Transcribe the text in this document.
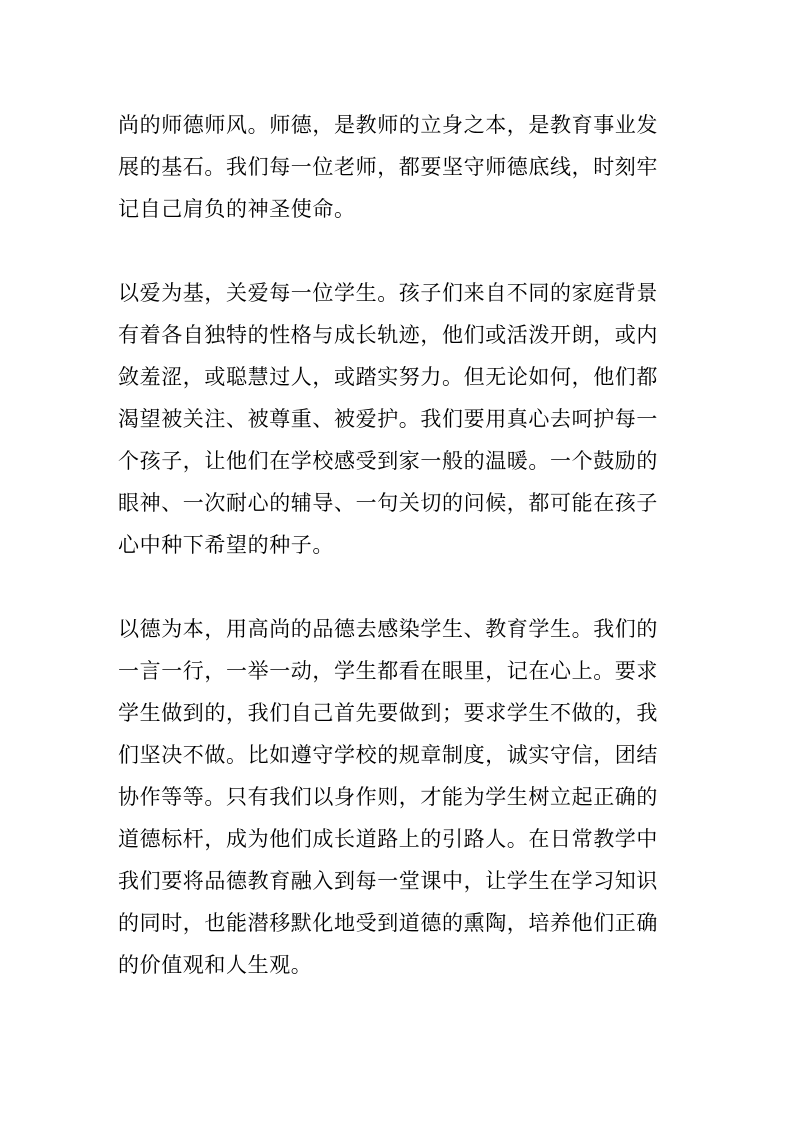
尚的师德师风。师德，是教师的立身之本，是教育事业发
展的基石。我们每一位老师，都要坚守师德底线，时刻牢
记自己肩负的神圣使命。

以爱为基，关爱每一位学生。孩子们来自不同的家庭背景
有着各自独特的性格与成长轨迹，他们或活泼开朗，或内
敛羞涩，或聪慧过人，或踏实努力。但无论如何，他们都
渴望被关注、被尊重、被爱护。我们要用真心去呵护每一
个孩子，让他们在学校感受到家一般的温暖。一个鼓励的
眼神、一次耐心的辅导、一句关切的问候，都可能在孩子
心中种下希望的种子。

以德为本，用高尚的品德去感染学生、教育学生。我们的
一言一行，一举一动，学生都看在眼里，记在心上。要求
学生做到的，我们自己首先要做到；要求学生不做的，我
们坚决不做。比如遵守学校的规章制度，诚实守信，团结
协作等等。只有我们以身作则，才能为学生树立起正确的
道德标杆，成为他们成长道路上的引路人。在日常教学中
我们要将品德教育融入到每一堂课中，让学生在学习知识
的同时，也能潜移默化地受到道德的熏陶，培养他们正确
的价值观和人生观。
